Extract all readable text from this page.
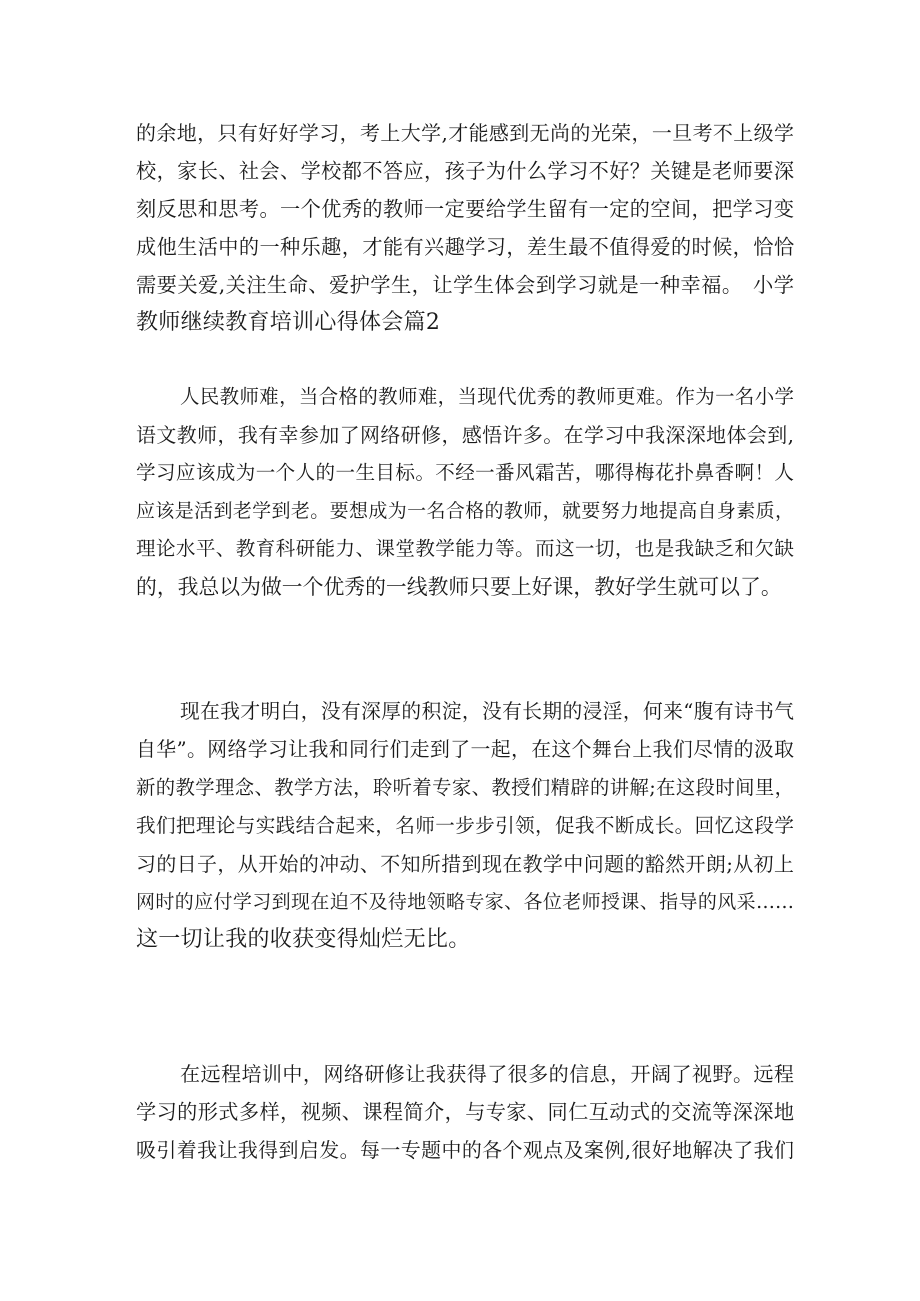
的余地，只有好好学习，考上大学,才能感到无尚的光荣，一旦考不上级学
校，家长、社会、学校都不答应，孩子为什么学习不好？关键是老师要深
刻反思和思考。一个优秀的教师一定要给学生留有一定的空间，把学习变
成他生活中的一种乐趣，才能有兴趣学习，差生最不值得爱的时候，恰恰
需要关爱,关注生命、爱护学生，让学生体会到学习就是一种幸福。　小学
教师继续教育培训心得体会篇2
人民教师难，当合格的教师难，当现代优秀的教师更难。作为一名小学
语文教师，我有幸参加了网络研修，感悟许多。在学习中我深深地体会到,
学习应该成为一个人的一生目标。不经一番风霜苦，哪得梅花扑鼻香啊！人
应该是活到老学到老。要想成为一名合格的教师，就要努力地提高自身素质，
理论水平、教育科研能力、课堂教学能力等。而这一切，也是我缺乏和欠缺
的，我总以为做一个优秀的一线教师只要上好课，教好学生就可以了。
现在我才明白，没有深厚的积淀，没有长期的浸淫，何来“腹有诗书气
自华”。网络学习让我和同行们走到了一起，在这个舞台上我们尽情的汲取
新的教学理念、教学方法，聆听着专家、教授们精辟的讲解;在这段时间里，
我们把理论与实践结合起来，名师一步步引领，促我不断成长。回忆这段学
习的日子，从开始的冲动、不知所措到现在教学中问题的豁然开朗;从初上
网时的应付学习到现在迫不及待地领略专家、各位老师授课、指导的风采……
这一切让我的收获变得灿烂无比。
在远程培训中，网络研修让我获得了很多的信息，开阔了视野。远程
学习的形式多样，视频、课程简介，与专家、同仁互动式的交流等深深地
吸引着我让我得到启发。每一专题中的各个观点及案例,很好地解决了我们
